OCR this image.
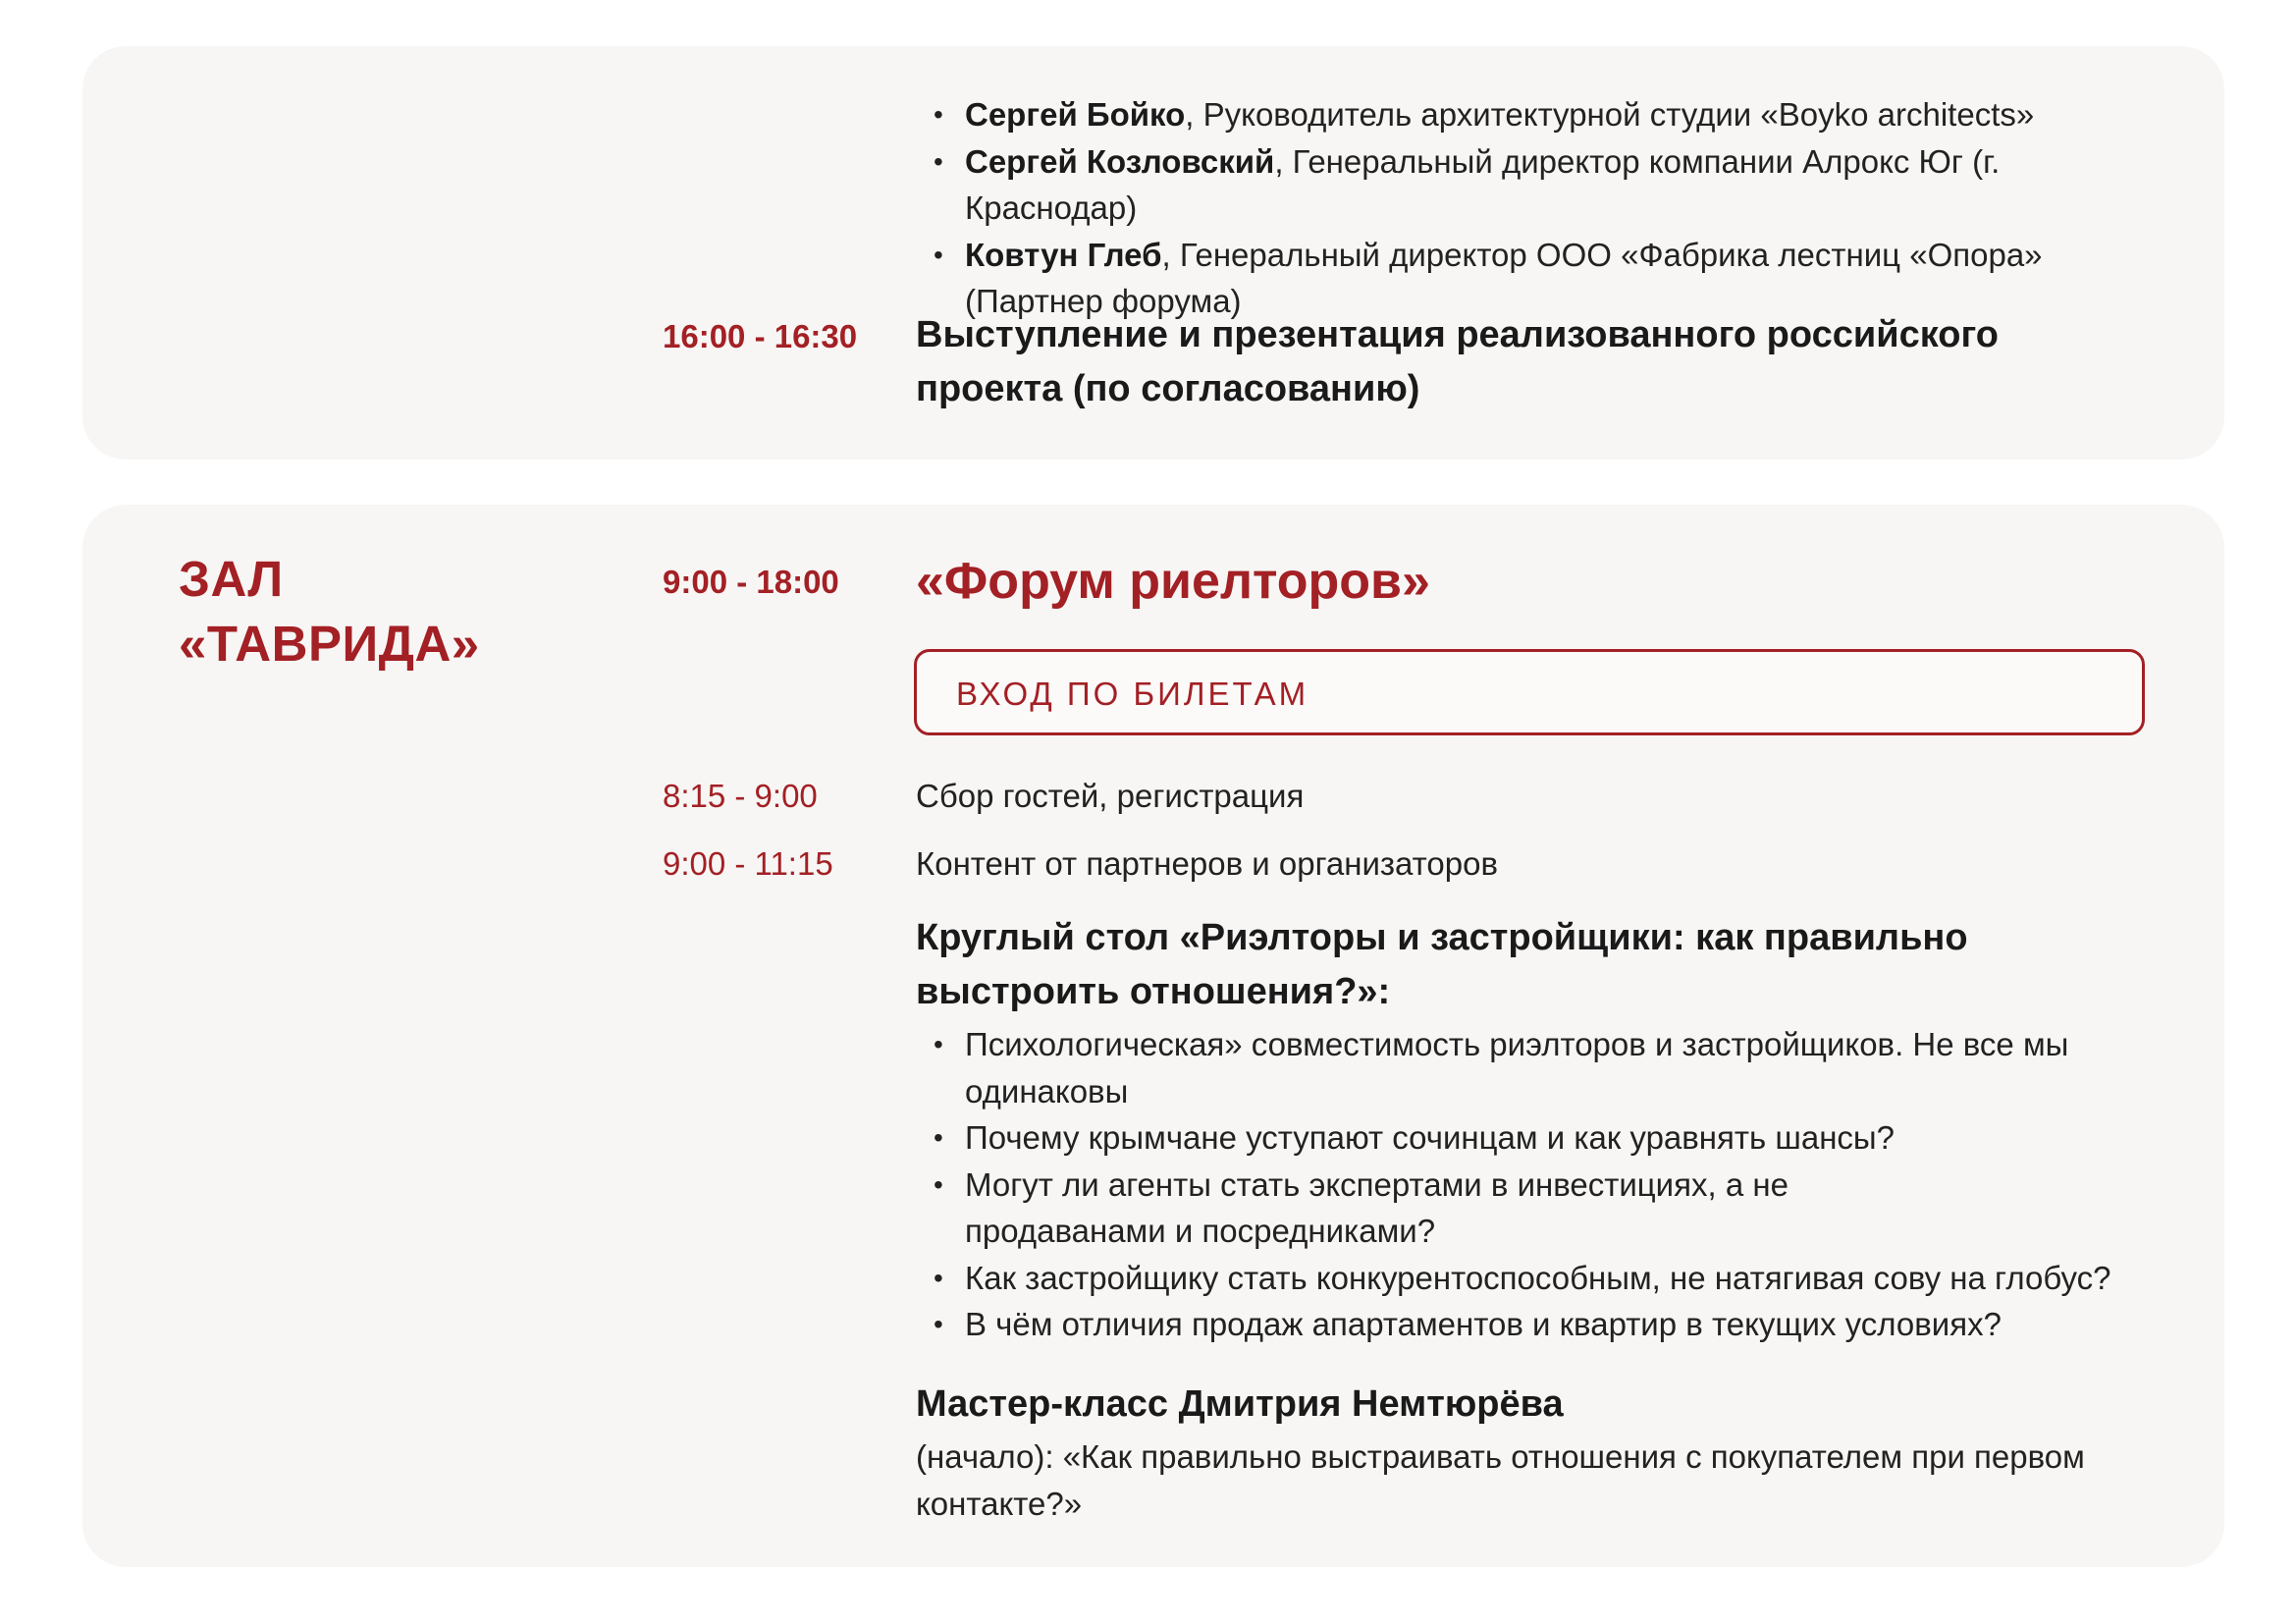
• Сергей Бойко, Руководитель архитектурной студии «Boyko architects»
• Сергей Козловский, Генеральный директор компании Алрокс Юг (г. Краснодар)
• Ковтун Глеб, Генеральный директор ООО «Фабрика лестниц «Опора» (Партнер форума)
16:00 - 16:30 Выступление и презентация реализованного российского проекта (по согласованию)
ЗАЛ
«ТАВРИДА»
9:00 - 18:00 «Форум риелторов»
ВХОД ПО БИЛЕТАМ
8:15 - 9:00	Сбор гостей, регистрация
9:00 - 11:15	Контент от партнеров и организаторов
Круглый стол «Риэлторы и застройщики: как правильно выстроить отношения?»:
• Психологическая» совместимость риэлторов и застройщиков. Не все мы одинаковы
• Почему крымчане уступают сочинцам и как уравнять шансы?
• Могут ли агенты стать экспертами в инвестициях, а не продаванами и посредниками?
• Как застройщику стать конкурентоспособным, не натягивая сову на глобус?
• В чём отличия продаж апартаментов и квартир в текущих условиях?
Мастер-класс Дмитрия Немтюрёва
(начало): «Как правильно выстраивать отношения с покупателем при первом контакте?»
